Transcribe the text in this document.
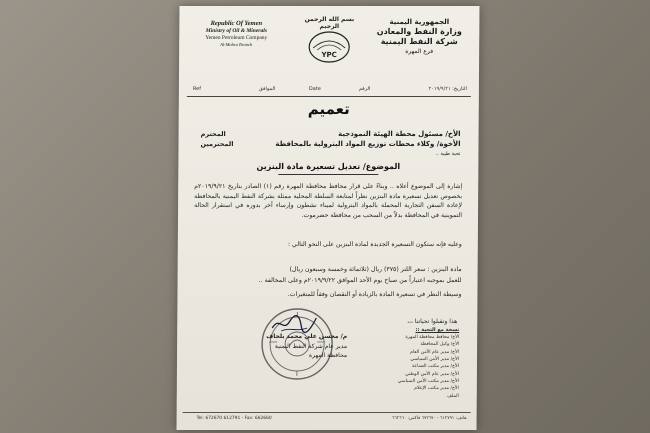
Republic Of Yemen
Ministry of Oil & Minerals
Yemen Petroleum Company
Al-Mahra Branch
بسم الله الرحمن الرحيم
YPC
الجمهورية اليمنية
وزارة النفط والمعادن
شركة النفط اليمنية
فرع المهرة
Ref	الموافق	Date	الرقم	التاريخ: ٢٠١٩/٩/٢١
تعميم
الأخ/ مسئول محطة الهيئة النموذجية
الأخوة/ وكلاء محطات توزيع المواد البترولية بالمحافظة
المحترم
المحترمين
تحية طيبة ..
الموضوع/ تعديل تسعيرة مادة البنزين
إشارة إلى الموضوع أعلاه .. وبناءً على قرار محافظ محافظة المهرة رقم (١) الصادر بتاريخ ٢٠١٩/٩/٢١م بخصوص تعديل تسعيرة مادة البنزين نظراً لمتابعة السلطة المحلية ممثلة بشركة النفط اليمنية بالمحافظة لإعادة السفن التجارية المحملة بالمواد البترولية لميناء نشطون وإرساء آخر بدوره في استقرار الحالة التموينية في المحافظة بدلاً من السحب من محافظة حضرموت.
وعليه فإنه ستكون التسعيرة الجديدة لمادة البنزين على النحو التالي :
مادة البنزين : سعر اللتر (٣٧٥) ريال (ثلاثمائة وخمسة وسبعون ريال)
للعمل بموجبه اعتباراً من صباح يوم الأحد الموافق ٢٠١٩/٩/٢٢م وعلى المخالفة ..
وسيطة النظر في تسعيرة المادة بالزيادة أو النقصان وفقاً للمتغيرات.
هذا وتقبلوا تحياتنا ،،،
نسخة مع التحية ::
الأخ/ محافظ محافظة المهرة
الأخ/ وكيل المحافظة
الأخ/ مدير عام الأمن العام
الأخ/ مدير الأمن السياسي
الأخ/ مدير مكتب الصناعة
الأخ/ مدير عام الأمن الوطني
الأخ/ مدير مكتب الأمن السياسي
الأخ/ مدير مكتب الإعلام
الملف
م/ محسن علي محمد بلحاف
مدير عام شركة النفط اليمنية
محافظة المهرة
Tel: 672670 612791 - Fax: 662660	هاتف: ٦١٢٧٩١ - ٦٧٢٦٧٠ فاكس: ٦٦٢٦٦٠
